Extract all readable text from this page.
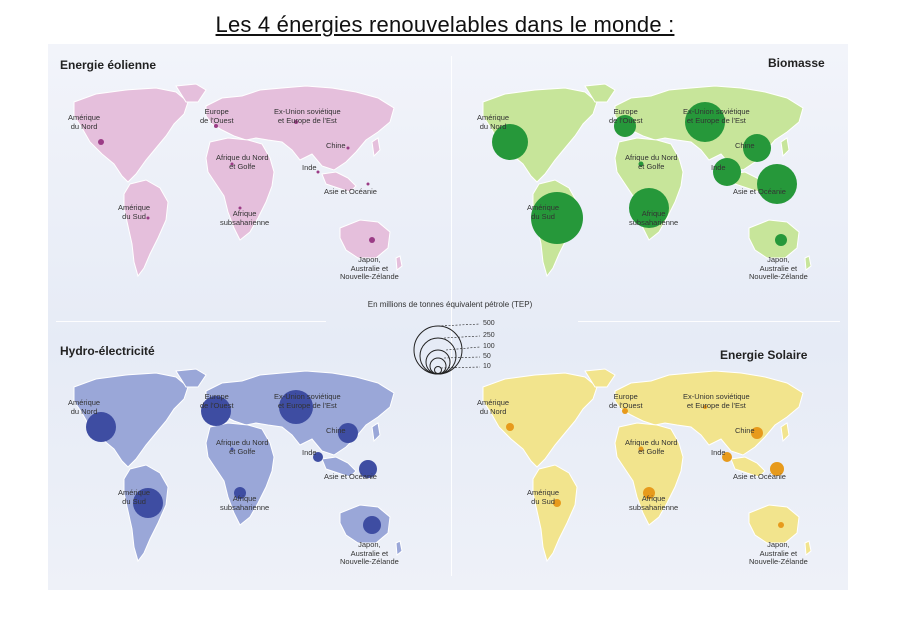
Les 4 énergies renouvelables dans le monde :
Energie éolienne	Biomasse
Hydro-électricité	Energie Solaire
Amérique
du Nord
Europe
de l'Ouest
Ex-Union soviétique
et Europe de l'Est
Afrique du Nord
et Golfe
Chine
Inde
Asie et Océanie
Amérique
du Sud	Afrique
subsaharienne
Japon,
Australie et
Nouvelle-Zélande
Amérique
du Nord
Europe
de l'Ouest
Ex-Union soviétique
et Europe de l'Est
Afrique du Nord
et Golfe
Chine
Inde
Asie et Océanie
Amérique
du Sud	Afrique
subsaharienne
Japon,
Australie et
Nouvelle-Zélande
Amérique
du Nord
Europe
de l'Ouest
Ex-Union soviétique
et Europe de l'Est
Afrique du Nord
et Golfe
Chine
Inde
Asie et Océanie
Amérique
du Sud	Afrique
subsaharienne
Japon,
Australie et
Nouvelle-Zélande
Amérique
du Nord
Europe
de l'Ouest
Ex-Union soviétique
et Europe de l'Est
Afrique du Nord
et Golfe
Chine
Inde
Asie et Océanie
Amérique
du Sud	Afrique
subsaharienne
Japon,
Australie et
Nouvelle-Zélande
En millions de tonnes équivalent pétrole (TEP)
500
250
100
50
10
